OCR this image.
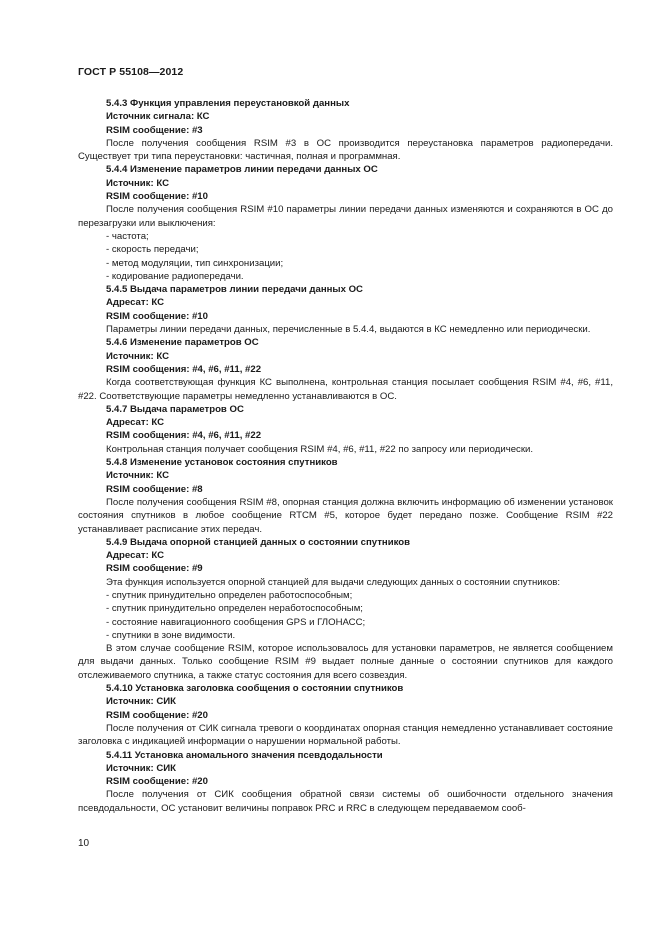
ГОСТ Р 55108—2012

5.4.3 Функция управления переустановкой данных

Источник сигнала: КС

RSIM сообщение: #3

После получения сообщения RSIM #3 в ОС производится переустановка параметров радиопередачи. Существует три типа переустановки: частичная, полная и программная.

5.4.4 Изменение параметров линии передачи данных ОС

Источник: КС

RSIM сообщение: #10

После получения сообщения RSIM #10 параметры линии передачи данных изменяются и сохраняются в ОС до перезагрузки или выключения:

- частота;

- скорость передачи;

- метод модуляции, тип синхронизации;

- кодирование радиопередачи.

5.4.5 Выдача параметров линии передачи данных ОС

Адресат: КС

RSIM сообщение: #10

Параметры линии передачи данных, перечисленные в 5.4.4, выдаются в КС немедленно или периодически.

5.4.6 Изменение параметров ОС

Источник: КС

RSIM сообщения: #4, #6, #11, #22

Когда соответствующая функция КС выполнена, контрольная станция посылает сообщения RSIM #4, #6, #11, #22. Соответствующие параметры немедленно устанавливаются в ОС.

5.4.7 Выдача параметров ОС

Адресат: КС

RSIM сообщения: #4, #6, #11, #22

Контрольная станция получает сообщения RSIM #4, #6, #11, #22 по запросу или периодически.

5.4.8 Изменение установок состояния спутников

Источник: КС

RSIM сообщение: #8

После получения сообщения RSIM #8, опорная станция должна включить информацию об изменении установок состояния спутников в любое сообщение RTCM #5, которое будет передано позже. Сообщение RSIM #22 устанавливает расписание этих передач.

5.4.9 Выдача опорной станцией данных о состоянии спутников

Адресат: КС

RSIM сообщение: #9

Эта функция используется опорной станцией для выдачи следующих данных о состоянии спутников:

- спутник принудительно определен работоспособным;

- спутник принудительно определен неработоспособным;

- состояние навигационного сообщения GPS и ГЛОНАСС;

- спутники в зоне видимости.

В этом случае сообщение RSIM, которое использовалось для установки параметров, не является сообщением для выдачи данных. Только сообщение RSIM #9 выдает полные данные о состоянии спутников для каждого отслеживаемого спутника, а также статус состояния для всего созвездия.

5.4.10 Установка заголовка сообщения о состоянии спутников

Источник: СИК

RSIM сообщение: #20

После получения от СИК сигнала тревоги о координатах опорная станция немедленно устанавливает состояние заголовка с индикацией информации о нарушении нормальной работы.

5.4.11 Установка аномального значения псевдодальности

Источник: СИК

RSIM сообщение: #20

После получения от СИК сообщения обратной связи системы об ошибочности отдельного значения псевдодальности, ОС установит величины поправок PRC и RRC в следующем передаваемом сооб-

10
